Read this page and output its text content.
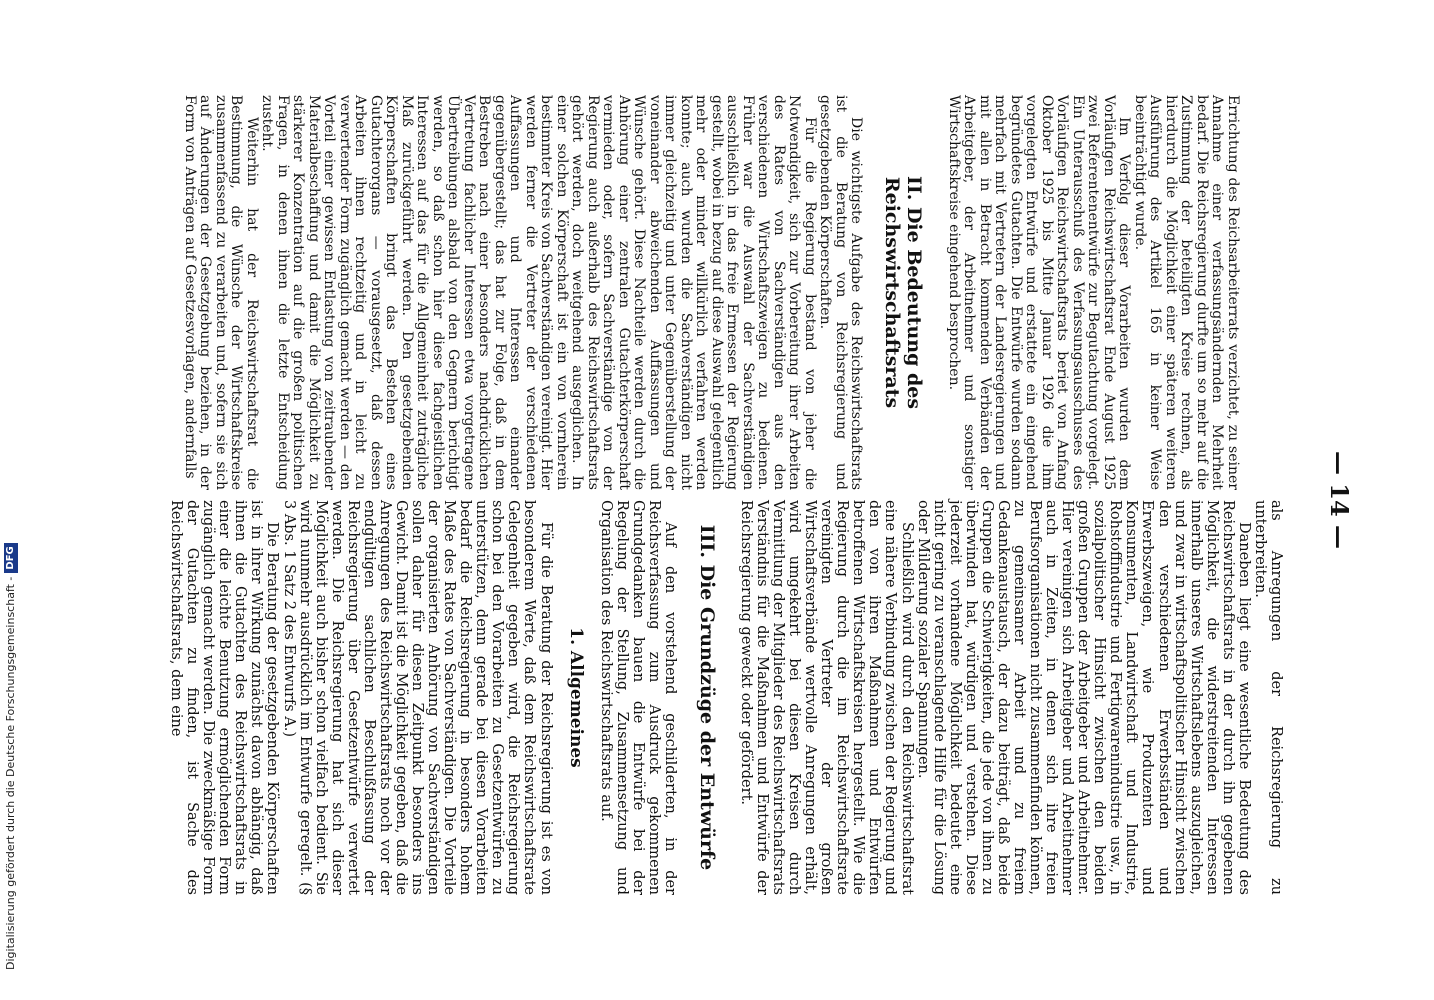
— 14 —

Errichtung des Reichsarbeiterrats verzichtet, zu seiner Annahme einer verfassungsändernden Mehrheit bedarf. Die Reichsregierung durfte um so mehr auf die Zustimmung der beteiligten Kreise rechnen, als hierdurch die Möglichkeit einer späteren weiteren Ausführung des Artikel 165 in keiner Weise beeinträchtigt wurde.

Im Verfolg dieser Vorarbeiten wurden dem Vorläufigen Reichswirtschaftsrat Ende August 1925 zwei Referentenentwürfe zur Begutachtung vorgelegt. Ein Unterausschuß des Verfassungsausschusses des Vorläufigen Reichswirtschaftsrats beriet von Anfang Oktober 1925 bis Mitte Januar 1926 die ihm vorgelegten Entwürfe und erstattete ein eingehend begründetes Gutachten. Die Entwürfe wurden sodann mehrfach mit Vertretern der Landesregierungen und mit allen in Betracht kommenden Verbänden der Arbeitgeber, der Arbeitnehmer und sonstiger Wirtschaftskreise eingehend besprochen.

II. Die Bedeutung des Reichswirtschaftsrats

Die wichtigste Aufgabe des Reichswirtschaftsrats ist die Beratung von Reichsregierung und gesetzgebenden Körperschaften.

Für die Regierung bestand von jeher die Notwendigkeit, sich zur Vorbereitung ihrer Arbeiten des Rates von Sachverständigen aus den verschiedenen Wirtschaftszweigen zu bedienen. Früher war die Auswahl der Sachverständigen ausschließlich in das freie Ermessen der Regierung gestellt, wobei in bezug auf diese Auswahl gelegentlich mehr oder minder willkürlich verfahren werden konnte; auch wurden die Sachverständigen nicht immer gleichzeitig und unter Gegenüberstellung der voneinander abweichenden Auffassungen und Wünsche gehört. Diese Nachteile werden durch die Anhörung einer zentralen Gutachterkörperschaft vermieden oder, sofern Sachverständige von der Regierung auch außerhalb des Reichswirtschaftsrats gehört werden, doch weitgehend ausgeglichen. In einer solchen Körperschaft ist ein von vornherein bestimmter Kreis von Sachverständigen vereinigt. Hier werden ferner die Vertreter der verschiedenen Auffassungen und Interessen einander gegenübergestellt; das hat zur Folge, daß in dem Bestreben nach einer besonders nachdrücklichen Vertretung fachlicher Interessen etwa vorgetragene Übertreibungen alsbald von den Gegnern berichtigt werden, so daß schon hier diese fachgeistlichen Interessen auf das für die Allgemeinheit zuträgliche Maß zurückgeführt werden. Den gesetzgebenden Körperschaften bringt das Bestehen eines Gutachterorgans — vorausgesetzt, daß dessen Arbeiten ihnen rechtzeitig und in leicht zu verwertender Form zugänglich gemacht werden — den Vorteil einer gewissen Entlastung von zeitraubender Materialbeschaffung und damit die Möglichkeit zu stärkerer Konzentration auf die großen politischen Fragen, in denen ihnen die letzte Entscheidung zusteht.

Weiterhin hat der Reichswirtschaftsrat die Bestimmung, die Wünsche der Wirtschaftskreise zusammenfassend zu verarbeiten und, sofern sie sich auf Änderungen der Gesetzgebung beziehen, in der Form von Anträgen auf Gesetzesvorlagen, andernfalls

als Anregungen der Reichsregierung zu unterbreiten.

Daneben liegt eine wesentliche Bedeutung des Reichswirtschaftsrats in der durch ihn gegebenen Möglichkeit, die widerstreitenden Interessen innerhalb unseres Wirtschaftslebens auszugleichen, und zwar in wirtschaftspolitischer Hinsicht zwischen den verschiedenen Erwerbsständen und Erwerbszweigen, wie Produzenten und Konsumenten, Landwirtschaft und Industrie, Rohstoffindustrie und Fertigwarenindustrie usw., in sozialpolitischer Hinsicht zwischen den beiden großen Gruppen der Arbeitgeber und Arbeitnehmer. Hier vereinigen sich Arbeitgeber und Arbeitnehmer auch in Zeiten, in denen sich ihre freien Berufsorganisationen nicht zusammenfinden können, zu gemeinsamer Arbeit und zu freiem Gedankenaustausch, der dazu beiträgt, daß beide Gruppen die Schwierigkeiten, die jede von ihnen zu überwinden hat, würdigen und verstehen. Diese jederzeit vorhandene Möglichkeit bedeutet eine nicht gering zu veranschlagende Hilfe für die Lösung oder Milderung sozialer Spannungen.

Schließlich wird durch den Reichswirtschaftsrat eine nähere Verbindung zwischen der Regierung und den von ihren Maßnahmen und Entwürfen betroffenen Wirtschaftskreisen hergestellt. Wie die Regierung durch die im Reichswirtschaftsrate vereinigten Vertreter der großen Wirtschaftsverbände wertvolle Anregungen erhält, wird umgekehrt bei diesen Kreisen durch Vermittlung der Mitglieder des Reichswirtschaftsrats Verständnis für die Maßnahmen und Entwürfe der Reichsregierung geweckt oder gefördert.

III. Die Grundzüge der Entwürfe

Auf den vorstehend geschilderten, in der Reichsverfassung zum Ausdruck gekommenen Grundgedanken bauen die Entwürfe bei der Regelung der Stellung, Zusammensetzung und Organisation des Reichswirtschaftsrats auf.

1. Allgemeines

Für die Beratung der Reichsregierung ist es von besonderem Werte, daß dem Reichswirtschaftsrate Gelegenheit gegeben wird, die Reichsregierung schon bei den Vorarbeiten zu Gesetzentwürfen zu unterstützen, denn gerade bei diesen Vorarbeiten bedarf die Reichsregierung in besonders hohem Maße des Rates von Sachverständigen. Die Vorteile der organisierten Anhörung von Sachverständigen sollen daher für diesen Zeitpunkt besonders ins Gewicht. Damit ist die Möglichkeit gegeben, daß die Anregungen des Reichswirtschaftsrats noch vor der endgültigen sachlichen Beschlußfassung der Reichsregierung über Gesetzentwürfe verwertet werden. Die Reichsregierung hat sich dieser Möglichkeit auch bisher schon vielfach bedient. Sie wird nunmehr ausdrücklich im Entwurfe geregelt. (§ 3 Abs. 1 Satz 2 des Entwurfs A.)

Die Beratung der gesetzgebenden Körperschaften ist in ihrer Wirkung zunächst davon abhängig, daß ihnen die Gutachten des Reichswirtschaftsrats in einer die leichte Benutzung ermöglichenden Form zugänglich gemacht werden. Die zweckmäßige Form der Gutachten zu finden, ist Sache des Reichswirtschaftsrats, dem eine

Digitalisierung gefördert durch die Deutsche Forschungsgemeinschaft -DFG
